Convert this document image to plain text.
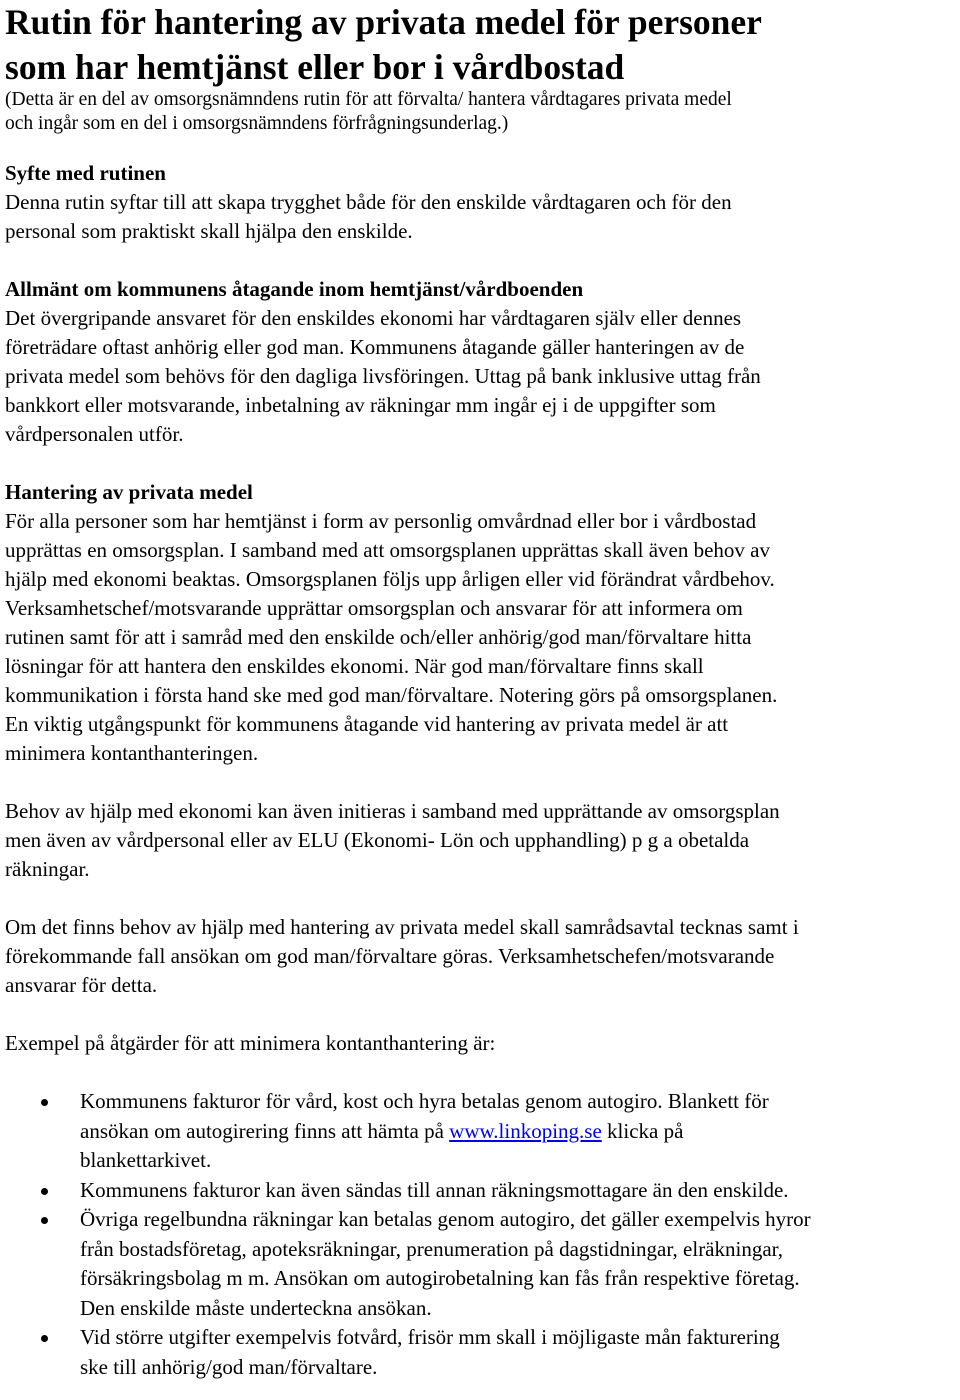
Rutin för hantering av privata medel för personer
som har hemtjänst eller bor i vårdbostad

(Detta är en del av omsorgsnämndens rutin för att förvalta/ hantera vårdtagares privata medel
och ingår som en del i omsorgsnämndens förfrågningsunderlag.)

Syfte med rutinen

Denna rutin syftar till att skapa trygghet både för den enskilde vårdtagaren och för den
personal som praktiskt skall hjälpa den enskilde.

Allmänt om kommunens åtagande inom hemtjänst/vårdboenden

Det övergripande ansvaret för den enskildes ekonomi har vårdtagaren själv eller dennes
företrädare oftast anhörig eller god man. Kommunens åtagande gäller hanteringen av de
privata medel som behövs för den dagliga livsföringen. Uttag på bank inklusive uttag från
bankkort eller motsvarande, inbetalning av räkningar mm ingår ej i de uppgifter som
vårdpersonalen utför.

Hantering av privata medel

För alla personer som har hemtjänst i form av personlig omvårdnad eller bor i vårdbostad
upprättas en omsorgsplan. I samband med att omsorgsplanen upprättas skall även behov av
hjälp med ekonomi beaktas. Omsorgsplanen följs upp årligen eller vid förändrat vårdbehov.
Verksamhetschef/motsvarande upprättar omsorgsplan och ansvarar för att informera om
rutinen samt för att i samråd med den enskilde och/eller anhörig/god man/förvaltare hitta
lösningar för att hantera den enskildes ekonomi. När god man/förvaltare finns skall
kommunikation i första hand ske med god man/förvaltare. Notering görs på omsorgsplanen.
En viktig utgångspunkt för kommunens åtagande vid hantering av privata medel är att
minimera kontanthanteringen.

Behov av hjälp med ekonomi kan även initieras i samband med upprättande av omsorgsplan
men även av vårdpersonal eller av ELU (Ekonomi- Lön och upphandling) p g a obetalda
räkningar.

Om det finns behov av hjälp med hantering av privata medel skall samrådsavtal tecknas samt i
förekommande fall ansökan om god man/förvaltare göras. Verksamhetschefen/motsvarande
ansvarar för detta.

Exempel på åtgärder för att minimera kontanthantering är:

Kommunens fakturor för vård, kost och hyra betalas genom autogiro. Blankett för
ansökan om autogirering finns att hämta på www.linkoping.se klicka på
blankettarkivet.
Kommunens fakturor kan även sändas till annan räkningsmottagare än den enskilde.
Övriga regelbundna räkningar kan betalas genom autogiro, det gäller exempelvis hyror
från bostadsföretag, apoteksräkningar, prenumeration på dagstidningar, elräkningar,
försäkringsbolag m m. Ansökan om autogirobetalning kan fås från respektive företag.
Den enskilde måste underteckna ansökan.
Vid större utgifter exempelvis fotvård, frisör mm skall i möjligaste mån fakturering
ske till anhörig/god man/förvaltare.
